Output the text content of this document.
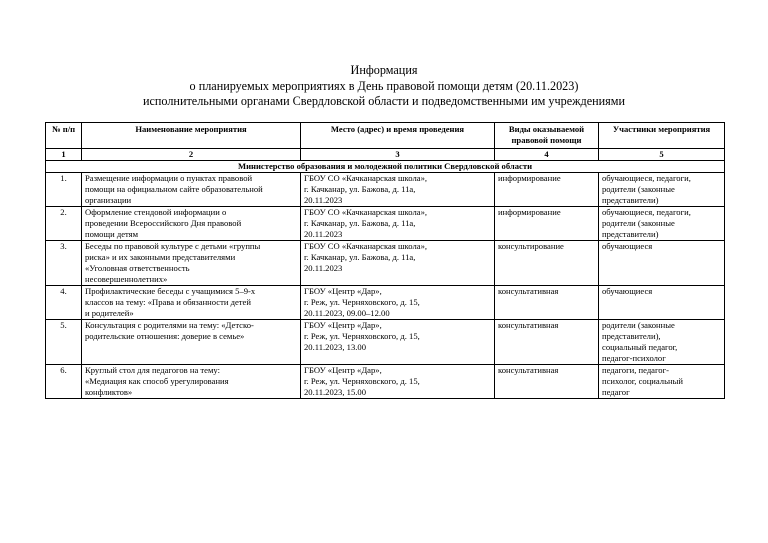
Информация
о планируемых мероприятиях в День правовой помощи детям (20.11.2023)
исполнительными органами Свердловской области и подведомственными им учреждениями
№ п/п	Наименование мероприятия	Место (адрес) и время проведения	Виды оказываемой правовой помощи	Участники мероприятия
1	2	3	4	5
Министерство образования и молодежной политики Свердловской области				
1.	Размещение информации о пунктах правовой
помощи на официальном сайте образовательной
организации	ГБОУ СО «Качканарская школа»,
г. Качканар, ул. Бажова, д. 11а,
20.11.2023	информирование	обучающиеся, педагоги,
родители (законные
представители)

2.	Оформление стендовой информации о
проведении Всероссийского Дня правовой
помощи детям	ГБОУ СО «Качканарская школа»,
г. Качканар, ул. Бажова, д. 11а,
20.11.2023	информирование	обучающиеся, педагоги,
родители (законные
представители)

3.	Беседы по правовой культуре с детьми «группы
риска» и их законными представителями
«Уголовная ответственность
несовершеннолетних»	ГБОУ СО «Качканарская школа»,
г. Качканар, ул. Бажова, д. 11а,
20.11.2023	консультирование	обучающиеся

4.	Профилактические беседы с учащимися 5–9-х
классов на тему: «Права и обязанности детей
и родителей»	ГБОУ «Центр «Дар»,
г. Реж, ул. Черняховского, д. 15,
20.11.2023, 09.00–12.00	консультативная	обучающиеся

5.	Консультация с родителями на тему: «Детско-
родительские отношения: доверие в семье»	ГБОУ «Центр «Дар»,
г. Реж, ул. Черняховского, д. 15,
20.11.2023, 13.00	консультативная	родители (законные
представители),
социальный педагог,
педагог-психолог

6.	Круглый стол для педагогов на тему:
«Медиация как способ урегулирования
конфликтов»	ГБОУ «Центр «Дар»,
г. Реж, ул. Черняховского, д. 15,
20.11.2023, 15.00	консультативная	педагоги, педагог-
психолог, социальный
педагог
